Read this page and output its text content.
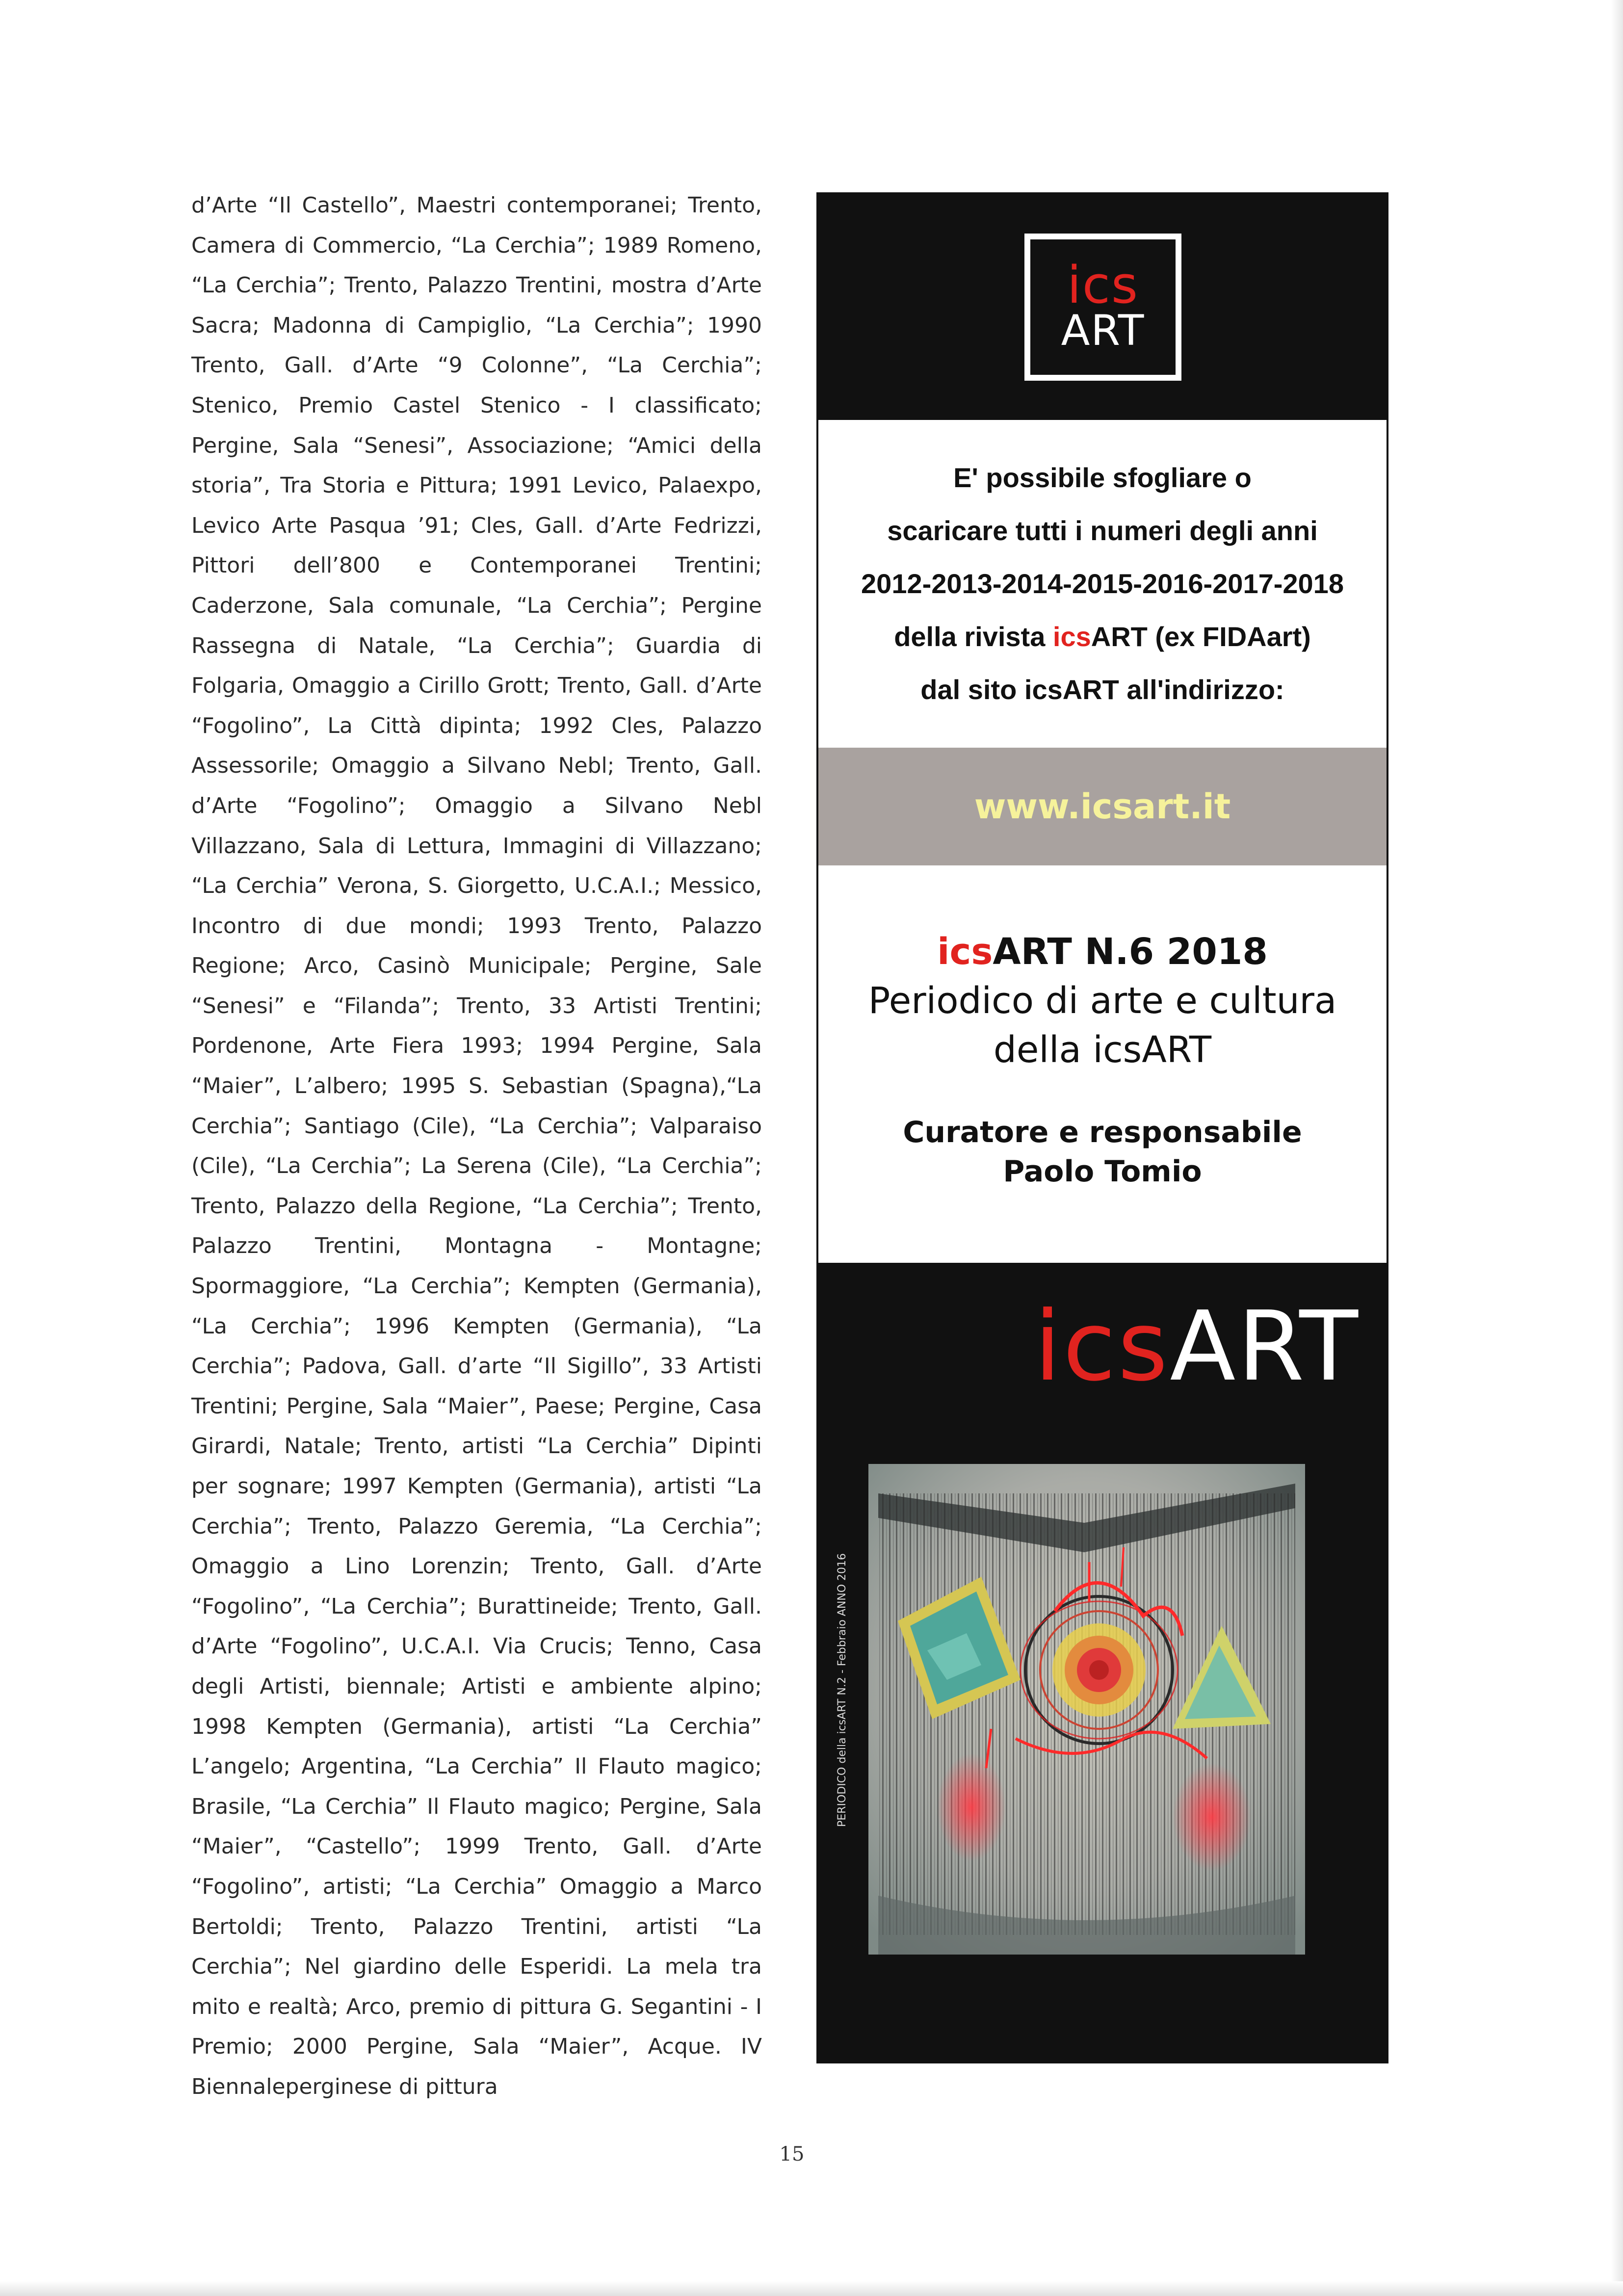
d’Arte “Il Castello”, Maestri contemporanei; Trento, Camera di Commercio, “La Cerchia”; 1989 Romeno, “La Cerchia”; Trento, Palazzo Trentini, mostra d’Arte Sacra; Madonna di Campiglio, “La Cerchia”; 1990 Trento, Gall. d’Arte “9 Colonne”, “La Cerchia”; Stenico, Premio Castel Stenico - I classificato; Pergine, Sala “Senesi”, Associazione; “Amici della storia”, Tra Storia e Pittura; 1991 Levico, Palaexpo, Levico Arte Pasqua ’91; Cles, Gall. d’Arte Fedrizzi, Pittori dell’800 e Contemporanei Trentini; Caderzone, Sala comunale, “La Cerchia”; Pergine Rassegna di Natale, “La Cerchia”; Guardia di Folgaria, Omaggio a Cirillo Grott; Trento, Gall. d’Arte “Fogolino”, La Città dipinta; 1992 Cles, Palazzo Assessorile; Omaggio a Silvano Nebl; Trento, Gall. d’Arte “Fogolino”; Omaggio a Silvano Nebl Villazzano, Sala di Lettura, Immagini di Villazzano; “La Cerchia” Verona, S. Giorgetto, U.C.A.I.; Messico, Incontro di due mondi; 1993 Trento, Palazzo Regione; Arco, Casinò Municipale; Pergine, Sale “Senesi” e “Filanda”; Trento, 33 Artisti Trentini; Pordenone, Arte Fiera 1993; 1994 Pergine, Sala “Maier”, L’albero; 1995 S. Sebastian (Spagna),“La Cerchia”; Santiago (Cile), “La Cerchia”; Valparaiso (Cile), “La Cerchia”; La Serena (Cile), “La Cerchia”; Trento, Palazzo della Regione, “La Cerchia”; Trento, Palazzo Trentini, Montagna - Montagne; Spormaggiore, “La Cerchia”; Kempten (Germania), “La Cerchia”; 1996 Kempten (Germania), “La Cerchia”; Padova, Gall. d’arte “Il Sigillo”, 33 Artisti Trentini; Pergine, Sala “Maier”, Paese; Pergine, Casa Girardi, Natale; Trento, artisti “La Cerchia” Dipinti per sognare; 1997 Kempten (Germania), artisti “La Cerchia”; Trento, Palazzo Geremia, “La Cerchia”; Omaggio a Lino Lorenzin; Trento, Gall. d’Arte “Fogolino”, “La Cerchia”; Burattineide; Trento, Gall. d’Arte “Fogolino”, U.C.A.I. Via Crucis; Tenno, Casa degli Artisti, biennale; Artisti e ambiente alpino; 1998 Kempten (Germania), artisti “La Cerchia” L’angelo; Argentina, “La Cerchia” Il Flauto magico; Brasile, “La Cerchia” Il Flauto magico; Pergine, Sala “Maier”, “Castello”; 1999 Trento, Gall. d’Arte “Fogolino”, artisti; “La Cerchia” Omaggio a Marco Bertoldi; Trento, Palazzo Trentini, artisti “La Cerchia”; Nel giardino delle Esperidi. La mela tra mito e realtà; Arco, premio di pittura G. Segantini - I Premio; 2000 Pergine, Sala “Maier”, Acque. IV Biennaleperginese di pittura

15
ics
ART

E' possibile sfogliare o

scaricare tutti i numeri degli anni

2012-2013-2014-2015-2016-2017-2018

della rivista icsART (ex FIDAart)

dal sito icsART all'indirizzo:

www.icsart.it
icsART N.6 2018
Periodico di arte e cultura
della icsART
Curatore e responsabile
Paolo Tomio
icsART
PERIODICO della icsART N.2 - Febbraio ANNO 2016
